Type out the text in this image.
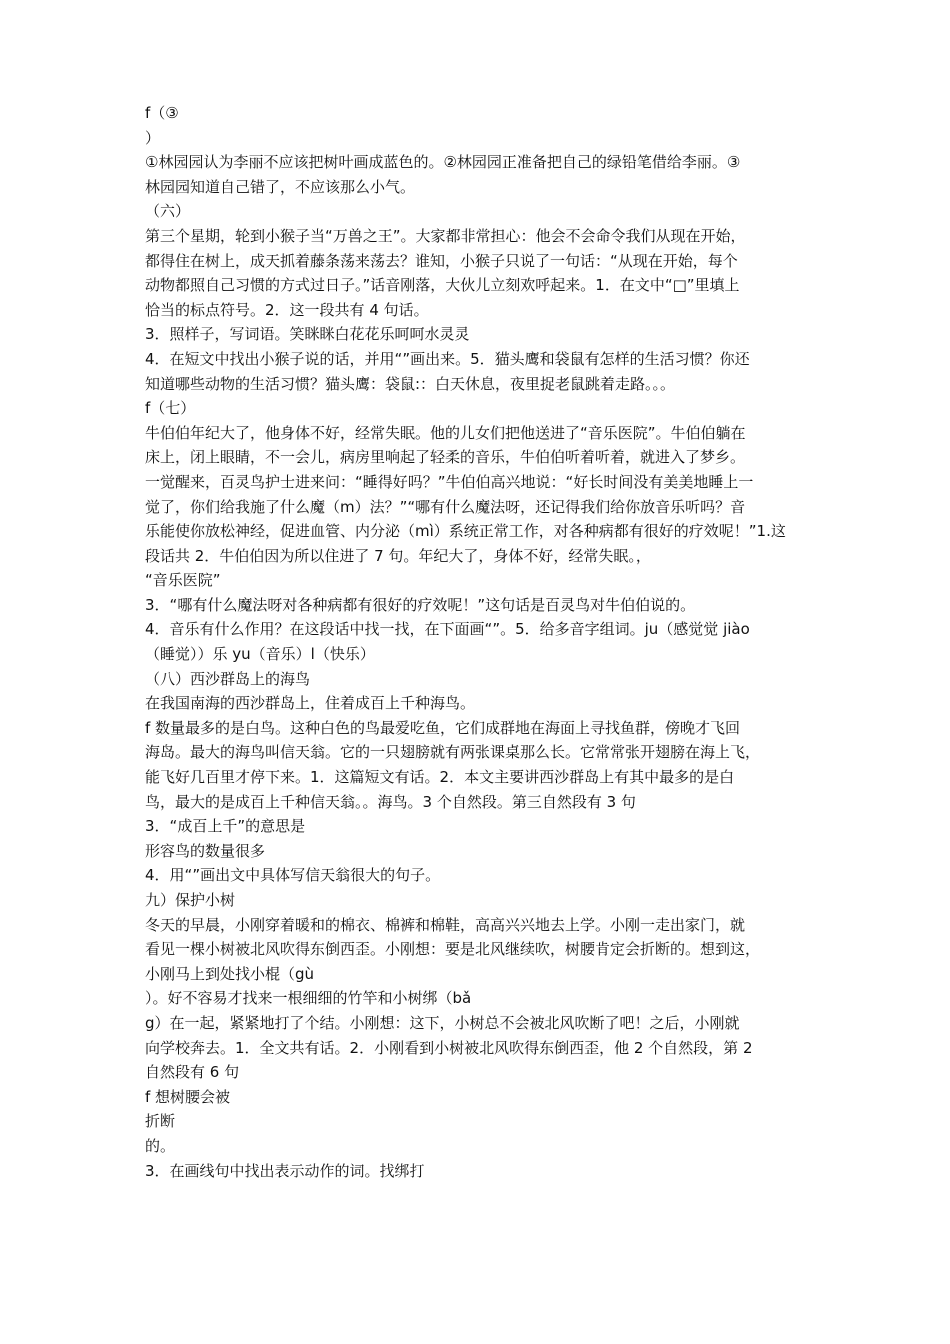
f（③
）
①林园园认为李丽不应该把树叶画成蓝色的。②林园园正准备把自己的绿铅笔借给李丽。③
林园园知道自己错了，不应该那么小气。
（六）
第三个星期，轮到小猴子当“万兽之王”。大家都非常担心：他会不会命令我们从现在开始，
都得住在树上，成天抓着藤条荡来荡去？谁知，小猴子只说了一句话：“从现在开始，每个
动物都照自己习惯的方式过日子。”话音刚落，大伙儿立刻欢呼起来。1．在文中“□”里填上
恰当的标点符号。2．这一段共有 4 句话。
3．照样子，写词语。笑眯眯白花花乐呵呵水灵灵
4．在短文中找出小猴子说的话，并用“”画出来。5．猫头鹰和袋鼠有怎样的生活习惯？你还
知道哪些动物的生活习惯？猫头鹰：袋鼠:：白天休息，夜里捉老鼠跳着走路。。。
f（七）
牛伯伯年纪大了，他身体不好，经常失眠。他的儿女们把他送进了“音乐医院”。牛伯伯躺在
床上，闭上眼睛，不一会儿，病房里响起了轻柔的音乐，牛伯伯听着听着，就进入了梦乡。
一觉醒来，百灵鸟护士进来问：“睡得好吗？”牛伯伯高兴地说：“好长时间没有美美地睡上一
觉了，你们给我施了什么魔（m）法？”“哪有什么魔法呀，还记得我们给你放音乐听吗？音
乐能使你放松神经，促进血管、内分泌（mì）系统正常工作，对各种病都有很好的疗效呢！”1.这
段话共 2．牛伯伯因为所以住进了 7 句。年纪大了，身体不好，经常失眠。，
“音乐医院”
3．“哪有什么魔法呀对各种病都有很好的疗效呢！”这句话是百灵鸟对牛伯伯说的。
4．音乐有什么作用？在这段话中找一找，在下面画“”。5．给多音字组词。ju（感觉觉 jiào
（睡觉））乐 yu（音乐）l（快乐）
（八）西沙群岛上的海鸟
在我国南海的西沙群岛上，住着成百上千种海鸟。
f 数量最多的是白鸟。这种白色的鸟最爱吃鱼，它们成群地在海面上寻找鱼群，傍晚才飞回
海岛。最大的海鸟叫信天翁。它的一只翅膀就有两张课桌那么长。它常常张开翅膀在海上飞，
能飞好几百里才停下来。1．这篇短文有话。2．本文主要讲西沙群岛上有其中最多的是白
鸟，最大的是成百上千种信天翁。。海鸟。3 个自然段。第三自然段有 3 句
3．“成百上千”的意思是
形容鸟的数量很多
4．用“”画出文中具体写信天翁很大的句子。
九）保护小树
冬天的早晨，小刚穿着暖和的棉衣、棉裤和棉鞋，高高兴兴地去上学。小刚一走出家门，就
看见一棵小树被北风吹得东倒西歪。小刚想：要是北风继续吹，树腰肯定会折断的。想到这，
小刚马上到处找小棍（gù
）。好不容易才找来一根细细的竹竿和小树绑（bǎ
g）在一起，紧紧地打了个结。小刚想：这下，小树总不会被北风吹断了吧！之后，小刚就
向学校奔去。1．全文共有话。2．小刚看到小树被北风吹得东倒西歪，他 2 个自然段，第 2
自然段有 6 句
f 想树腰会被
折断
的。
3．在画线句中找出表示动作的词。找绑打
